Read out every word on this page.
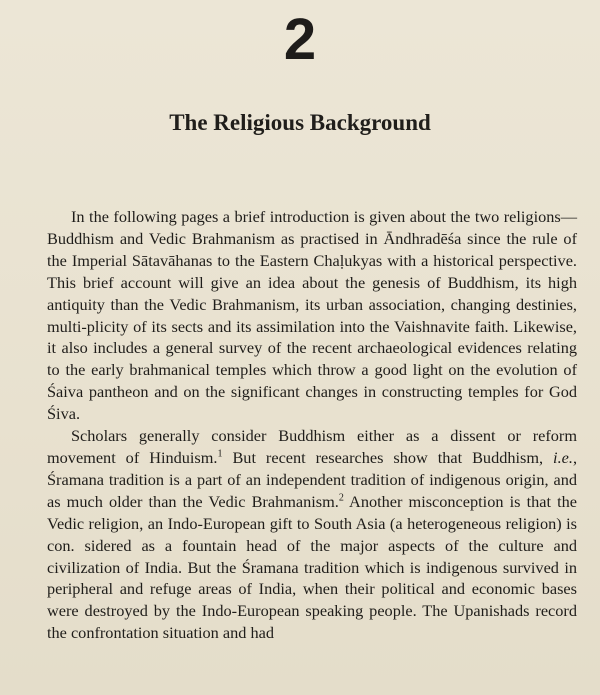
2
The Religious Background

In the following pages a brief introduction is given about the two religions—Buddhism and Vedic Brahmanism as practised in Āndhradēśa since the rule of the Imperial Sātavāhanas to the Eastern Chaḷukyas with a historical perspective. This brief account will give an idea about the genesis of Buddhism, its high antiquity than the Vedic Brahmanism, its urban association, changing destinies, multi-plicity of its sects and its assimilation into the Vaishnavite faith. Likewise, it also includes a general survey of the recent archaeological evidences relating to the early brahmanical temples which throw a good light on the evolution of Śaiva pantheon and on the significant changes in constructing temples for God Śiva.

Scholars generally consider Buddhism either as a dissent or reform movement of Hinduism.$^1$ But recent researches show that Buddhism, i.e., Śramana tradition is a part of an independent tradition of indigenous origin, and as much older than the Vedic Brahmanism.$^2$ Another misconception is that the Vedic religion, an Indo-European gift to South Asia (a heterogeneous religion) is con. sidered as a fountain head of the major aspects of the culture and civilization of India. But the Śramana tradition which is indigenous survived in peripheral and refuge areas of India, when their political and economic bases were destroyed by the Indo-European speaking people. The Upanishads record the confrontation situation and had
